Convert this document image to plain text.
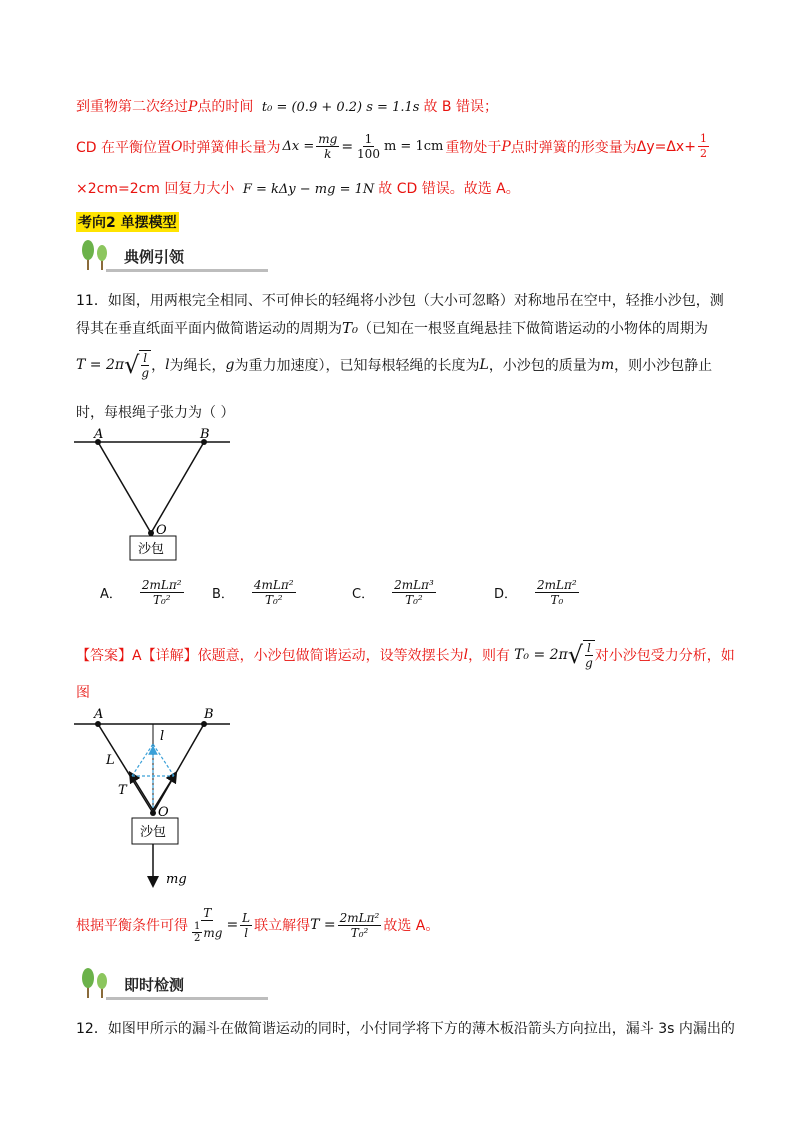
到重物第二次经过P点的时间 t₀ = (0.9 + 0.2) s = 1.1s 故 B 错误；
CD 在平衡位置 O 时弹簧伸长量为 $\Delta x = \frac{mg}{k} = \frac{1}{100}$ m = 1cm 重物处于 P 点时弹簧的形变量为 $\Delta y=\Delta x+ \frac{1}{2}$
×2cm=2cm 回复力大小 F = kΔy − mg = 1N 故 CD 错误。故选 A。
考向2 单摆模型
典例引领
11．如图，用两根完全相同、不可伸长的轻绳将小沙包（大小可忽略）对称地吊在空中，轻推小沙包，测
得其在垂直纸面平面内做简谐运动的周期为T₀（已知在一根竖直绳悬挂下做简谐运动的小物体的周期为
T = 2π √ $\frac{l}{g}$ ， l 为绳长， g 为重力加速度），已知每根轻绳的长度为 L ，小沙包的质量为 m ，则小沙包静止
时，每根绳子张力为（ ）
A	B
O
沙包
A． $\frac{\text{2mLπ²}}{\text{T₀²}}$ B． $\frac{\text{4mLπ²}}{\text{T₀²}}$	C． $\frac{\text{2mLπ³}}{\text{T₀²}}$	D． $\frac{\text{2mLπ²}}{\text{T₀}}$
【答案】A【详解】依题意，小沙包做简谐运动，设等效摆长为 l ，则有 T₀ = 2π √ $\frac{l}{g}$ 对小沙包受力分析，如
图
A	B
l
L
T
O
沙包
mg
根据平衡条件可得 $\frac{T}{\frac{1}{2} mg} = \frac{L}{l}$ 联立解得 $T = \frac{\text{2mLπ²}}{\text{T₀²}}$ 故选 A。
即时检测
12．如图甲所示的漏斗在做简谐运动的同时，小付同学将下方的薄木板沿箭头方向拉出，漏斗 3s 内漏出的
